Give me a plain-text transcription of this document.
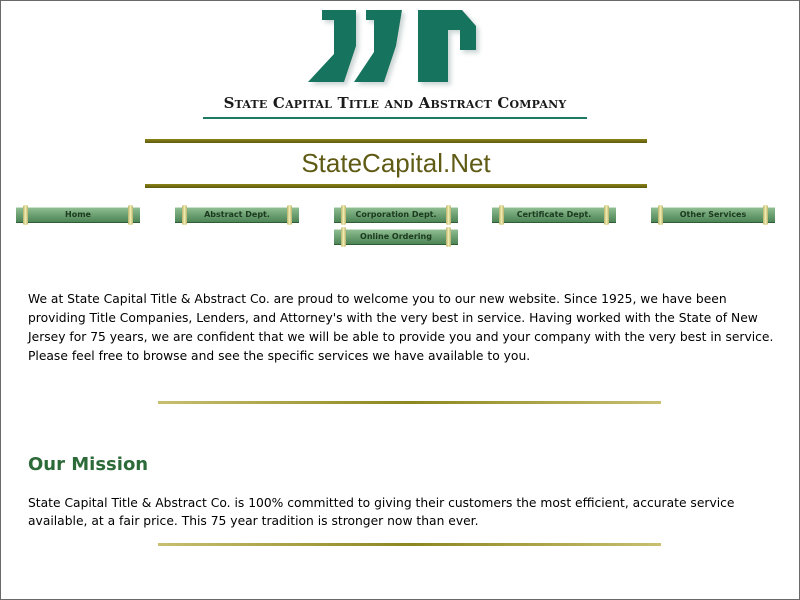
State Capital Title and Abstract Company
StateCapital.Net
Home	Abstract Dept.	Corporation Dept.	Certificate Dept.	Other Services
Online Ordering
We at State Capital Title & Abstract Co. are proud to welcome you to our new website. Since 1925, we have been providing Title Companies, Lenders, and Attorney's with the very best in service. Having worked with the State of New Jersey for 75 years, we are confident that we will be able to provide you and your company with the very best in service. Please feel free to browse and see the specific services we have available to you.
Our Mission
State Capital Title & Abstract Co. is 100% committed to giving their customers the most efficient, accurate service available, at a fair price. This 75 year tradition is stronger now than ever.
